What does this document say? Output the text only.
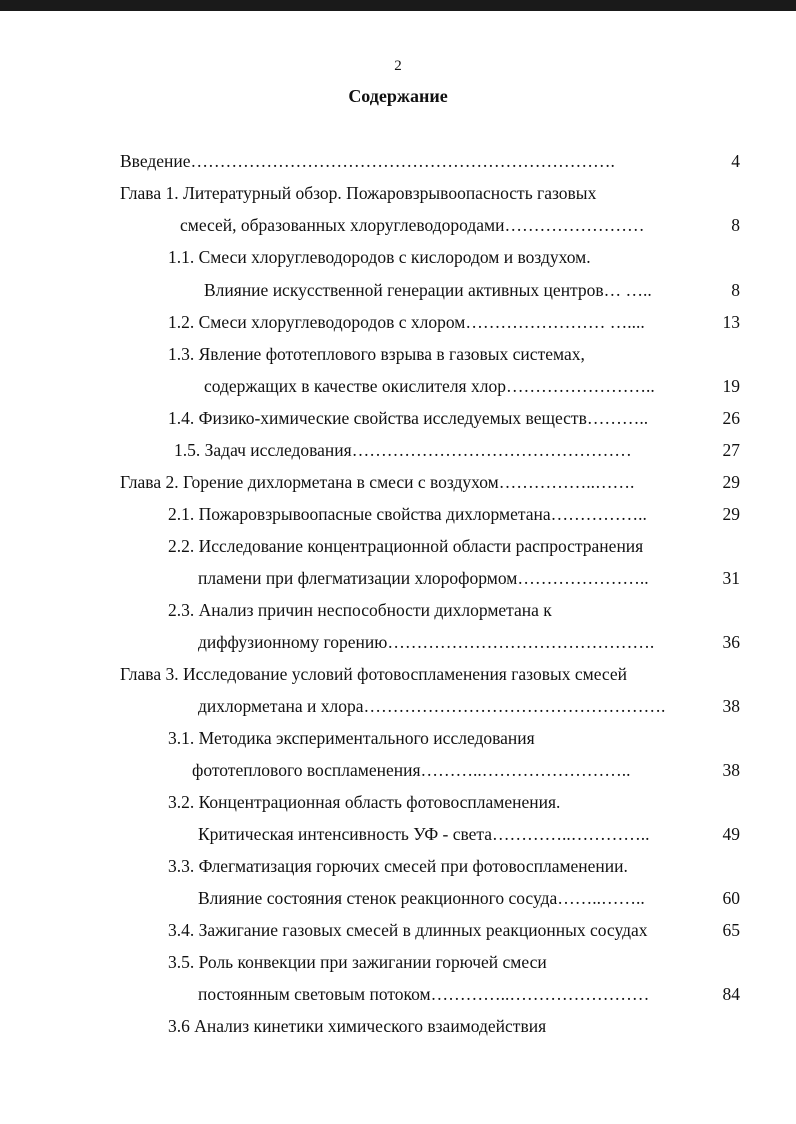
2
Содержание
Введение……………………………………………………………….	4
Глава 1. Литературный обзор. Пожаровзрывоопасность газовых
смесей, образованных хлоруглеводородами……………………	8
1.1. Смеси хлоруглеводородов с кислородом и воздухом.
Влияние искусственной генерации активных центров… …..	8
1.2. Смеси хлоруглеводородов с хлором…………………… …....	13
1.3. Явление фототеплового взрыва в газовых системах,
содержащих в качестве окислителя хлор……………………..	19
1.4. Физико-химические свойства исследуемых веществ………..	26
1.5. Задач исследования…………………………………………	27
Глава 2. Горение дихлорметана в смеси с воздухом……………..…….	29
2.1. Пожаровзрывоопасные свойства дихлорметана……………..	29
2.2. Исследование концентрационной области распространения
пламени при флегматизации хлороформом…………………..	31
2.3. Анализ причин неспособности дихлорметана к
диффузионному горению……………………………………….	36
Глава 3. Исследование условий фотовоспламенения газовых смесей
дихлорметана и хлора…………………………………………….	38
3.1. Методика экспериментального исследования
фототеплового воспламенения………..……………………..	38
3.2. Концентрационная область фотовоспламенения.
Критическая интенсивность УФ - света…………..…………..	49
3.3. Флегматизация горючих смесей при фотовоспламенении.
Влияние состояния стенок реакционного сосуда……..……..	60
3.4. Зажигание газовых смесей в длинных реакционных сосудах	65
3.5. Роль конвекции при зажигании горючей смеси
постоянным световым потоком…………..……………………	84
3.6 Анализ кинетики химического взаимодействия
